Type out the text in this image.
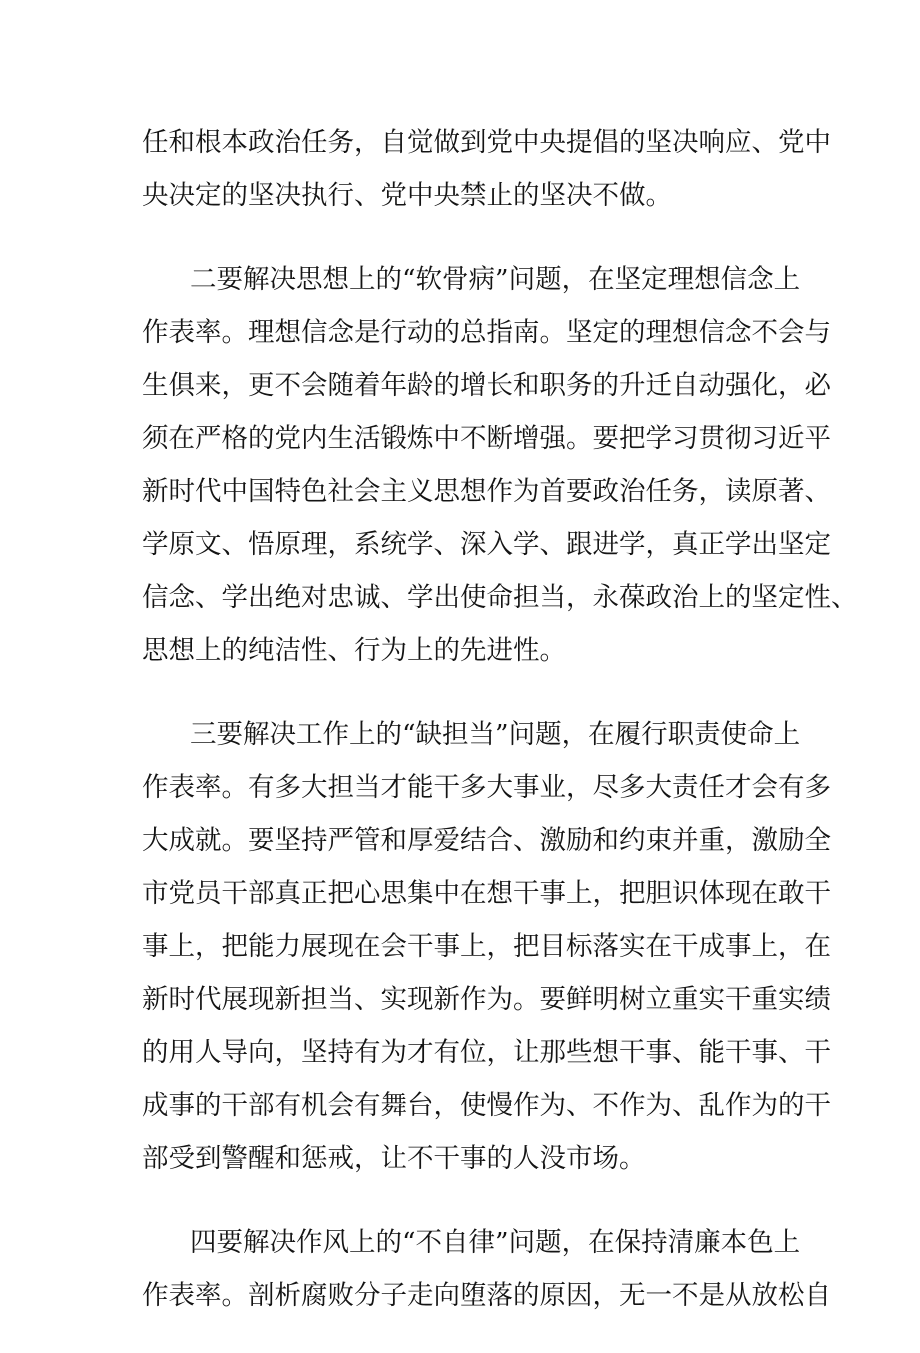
任和根本政治任务，自觉做到党中央提倡的坚决响应、党中
央决定的坚决执行、党中央禁止的坚决不做。
二要解决思想上的“软骨病”问题，在坚定理想信念上
作表率。理想信念是行动的总指南。坚定的理想信念不会与
生俱来，更不会随着年龄的增长和职务的升迁自动强化，必
须在严格的党内生活锻炼中不断增强。要把学习贯彻习近平
新时代中国特色社会主义思想作为首要政治任务，读原著、
学原文、悟原理，系统学、深入学、跟进学，真正学出坚定
信念、学出绝对忠诚、学出使命担当，永葆政治上的坚定性、
思想上的纯洁性、行为上的先进性。
三要解决工作上的“缺担当”问题，在履行职责使命上
作表率。有多大担当才能干多大事业，尽多大责任才会有多
大成就。要坚持严管和厚爱结合、激励和约束并重，激励全
市党员干部真正把心思集中在想干事上，把胆识体现在敢干
事上，把能力展现在会干事上，把目标落实在干成事上，在
新时代展现新担当、实现新作为。要鲜明树立重实干重实绩
的用人导向，坚持有为才有位，让那些想干事、能干事、干
成事的干部有机会有舞台，使慢作为、不作为、乱作为的干
部受到警醒和惩戒，让不干事的人没市场。
四要解决作风上的“不自律”问题，在保持清廉本色上
作表率。剖析腐败分子走向堕落的原因，无一不是从放松自
